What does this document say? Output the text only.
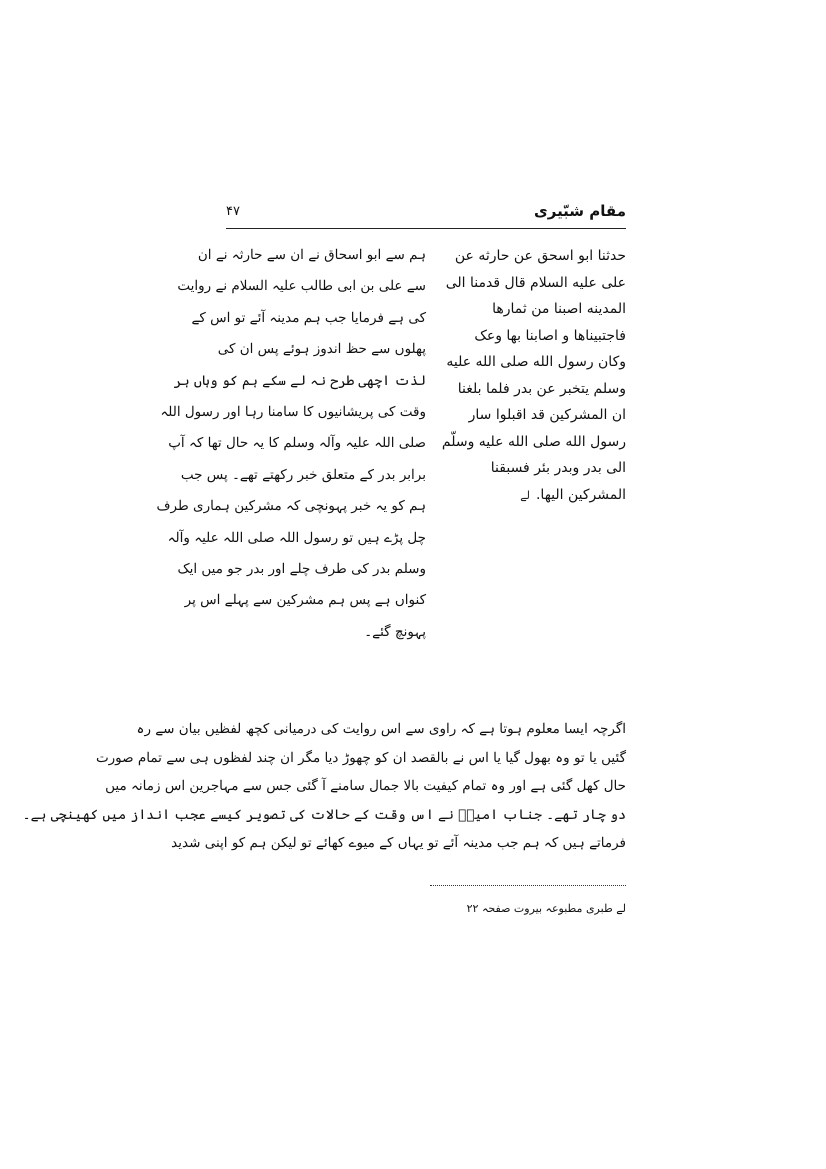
مقام شبّیری
۴۷
حدثنا ابو اسحق عن حارثه عن
علی علیه السلام قال قدمنا الی
المدینه اصبنا من ثمارها
فاجتبیناها و اصابنا بها وعک
وكان رسول الله صلی الله علیه
وسلم یتخبر عن بدر فلما بلغنا
ان المشرکین قد اقبلوا سار
رسول الله صلی الله علیه وسلّم
الی بدر وبدر بئر فسبقنا
المشرکین الیها.لے
ہم سے ابو اسحاق نے ان سے حارثہ نے ان
سے علی بن ابی طالب علیہ السلام نے روایت
کی ہے فرمایا جب ہم مدینہ آئے تو اس کے
پھلوں سے حظ اندوز ہوئے پس ان کی
لذت اچھی طرح نہ لے سکے ہم کو وہاں ہر
وقت کی پریشانیوں کا سامنا رہا اور رسول اللہ
صلی اللہ علیہ وآلہ وسلم کا یہ حال تھا کہ آپ
برابر بدر کے متعلق خبر رکھتے تھے۔ پس جب
ہم کو یہ خبر پہونچی کہ مشرکین ہماری طرف
چل پڑے ہیں تو رسول اللہ صلی اللہ علیہ وآلہ
وسلم بدر کی طرف چلے اور بدر جو میں ایک
کنواں ہے پس ہم مشرکین سے پہلے اس پر
پہونچ گئے۔
اگرچہ ایسا معلوم ہوتا ہے کہ راوی سے اس روایت کی درمیانی کچھ لفظیں بیان سے رہ
گئیں یا تو وہ بھول گیا یا اس نے بالقصد ان کو چھوڑ دیا مگر ان چند لفظوں ہی سے تمام صورت
حال کھل گئی ہے اور وہ تمام کیفیت بالا جمال سامنے آ گئی جس سے مہاجرین اس زمانہ میں
دو چار تھے۔ جناب امیرؑ نے اس وقت کے حالات کی تصویر کیسے عجب انداز میں کھینچی ہے۔
فرماتے ہیں کہ ہم جب مدینہ آئے تو یہاں کے میوے کھائے تو لیکن ہم کو اپنی شدید
لے طبری مطبوعہ بیروت صفحہ ۲۲
